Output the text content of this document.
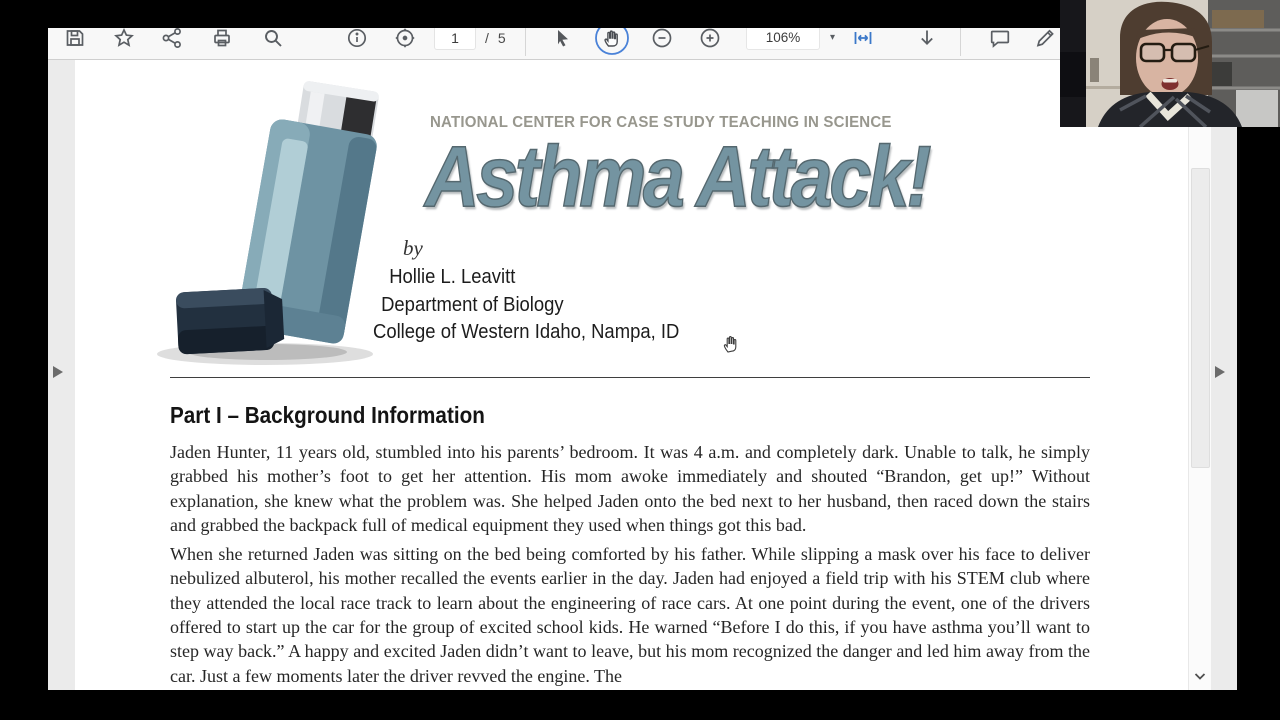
1 / 5	106%	▾
NATIONAL CENTER FOR CASE STUDY TEACHING IN SCIENCE
Asthma Attack!
by
Hollie L. Leavitt
Department of Biology
College of Western Idaho, Nampa, ID
Part I – Background Information

Jaden Hunter, 11 years old, stumbled into his parents’ bedroom. It was 4 a.m. and completely dark. Unable to talk, he simply grabbed his mother’s foot to get her attention. His mom awoke immediately and shouted “Brandon, get up!” Without explanation, she knew what the problem was. She helped Jaden onto the bed next to her husband, then raced down the stairs and grabbed the backpack full of medical equipment they used when things got this bad.

When she returned Jaden was sitting on the bed being comforted by his father. While slipping a mask over his face to deliver nebulized albuterol, his mother recalled the events earlier in the day. Jaden had enjoyed a field trip with his STEM club where they attended the local race track to learn about the engineering of race cars. At one point during the event, one of the drivers offered to start up the car for the group of excited school kids. He warned “Before I do this, if you have asthma you’ll want to step way back.” A happy and excited Jaden didn’t want to leave, but his mom recognized the danger and led him away from the car. Just a few moments later the driver revved the engine. The
